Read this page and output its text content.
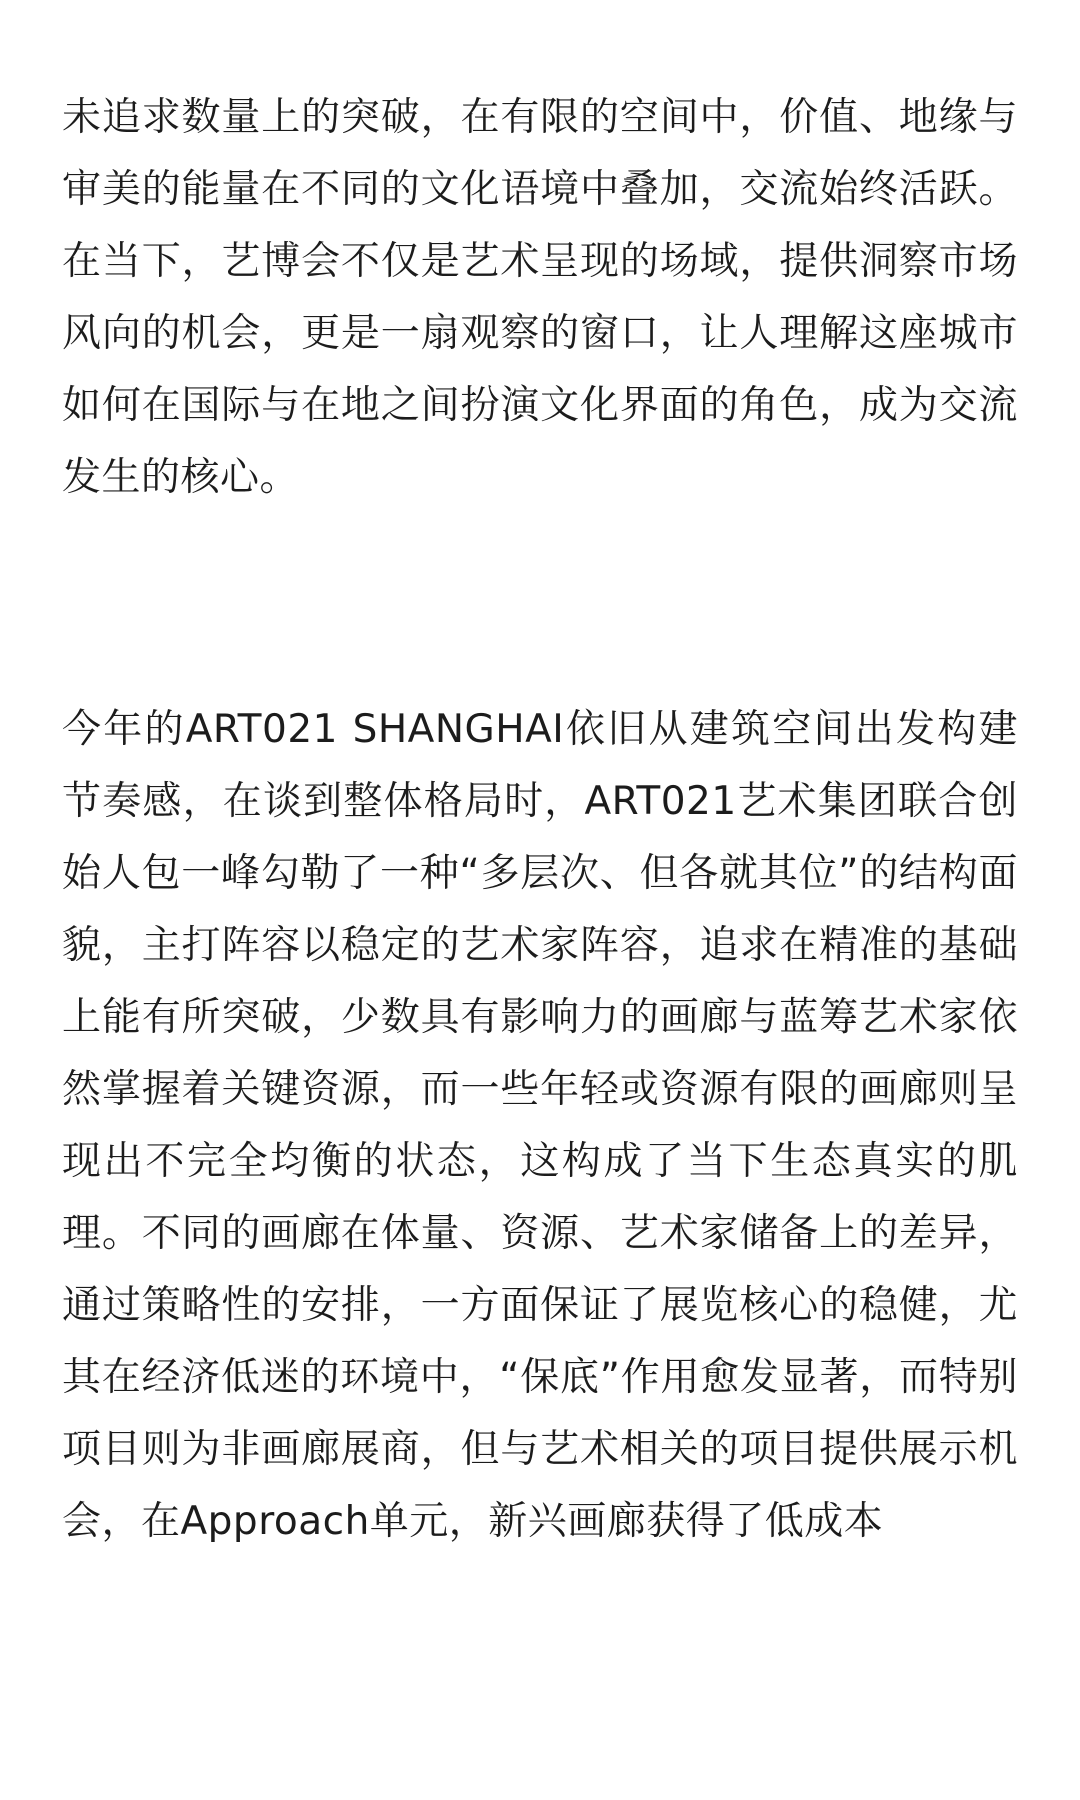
未追求数量上的突破，在有限的空间中，价值、地缘与审美的能量在不同的文化语境中叠加，交流始终活跃。在当下，艺博会不仅是艺术呈现的场域，提供洞察市场风向的机会，更是一扇观察的窗口，让人理解这座城市如何在国际与在地之间扮演文化界面的角色，成为交流发生的核心。

今年的ART021 SHANGHAI依旧从建筑空间出发构建节奏感，在谈到整体格局时，ART021艺术集团联合创始人包一峰勾勒了一种“多层次、但各就其位”的结构面貌，主打阵容以稳定的艺术家阵容，追求在精准的基础上能有所突破，少数具有影响力的画廊与蓝筹艺术家依然掌握着关键资源，而一些年轻或资源有限的画廊则呈现出不完全均衡的状态，这构成了当下生态真实的肌理。不同的画廊在体量、资源、艺术家储备上的差异，通过策略性的安排，一方面保证了展览核心的稳健，尤其在经济低迷的环境中，“保底”作用愈发显著，而特别项目则为非画廊展商，但与艺术相关的项目提供展示机会，在Approach单元，新兴画廊获得了低成本
